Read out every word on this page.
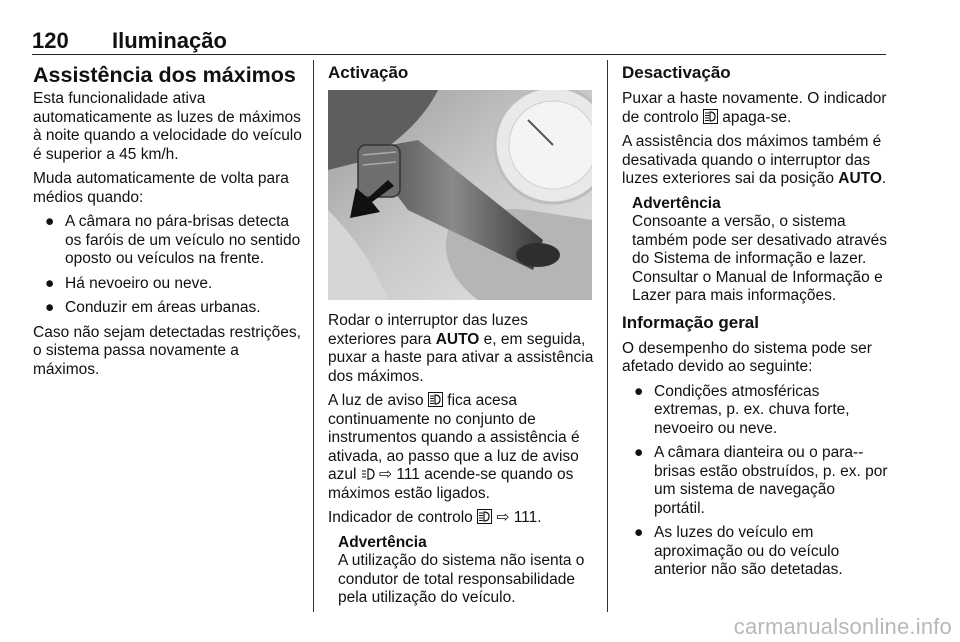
120 Iluminação
Assistência dos máximos

Esta funcionalidade ativa automaticamente as luzes de máximos à noite quando a velocidade do veículo é superior a 45 km/h.

Muda automaticamente de volta para médios quando:

● A câmara no pára-brisas detecta os faróis de um veículo no sentido oposto ou veículos na frente.
● Há nevoeiro ou neve.
● Conduzir em áreas urbanas.

Caso não sejam detectadas restrições, o sistema passa novamente a máximos.

Activação

Rodar o interruptor das luzes exteriores para AUTO e, em seguida, puxar a haste para ativar a assistência dos máximos.

A luz de aviso  fica acesa continuamente no conjunto de instrumentos quando a assistência é ativada, ao passo que a luz de aviso azul  ⇨ 111 acende-se quando os máximos estão ligados.

Indicador de controlo  ⇨ 111.

Advertência
A utilização do sistema não isenta o condutor de total responsabilidade pela utilização do veículo.
Desactivação

Puxar a haste novamente. O indicador de controlo  apaga-se.

A assistência dos máximos também é desativada quando o interruptor das luzes exteriores sai da posição AUTO.

Advertência
Consoante a versão, o sistema também pode ser desativado através do Sistema de informação e lazer. Consultar o Manual de Informação e Lazer para mais informações.
Informação geral

O desempenho do sistema pode ser afetado devido ao seguinte:

● Condições atmosféricas extremas, p. ex. chuva forte, nevoeiro ou neve.
● A câmara dianteira ou o para--brisas estão obstruídos, p. ex. por um sistema de navegação portátil.
● As luzes do veículo em aproximação ou do veículo anterior não são detetadas.
carmanualsonline.info
